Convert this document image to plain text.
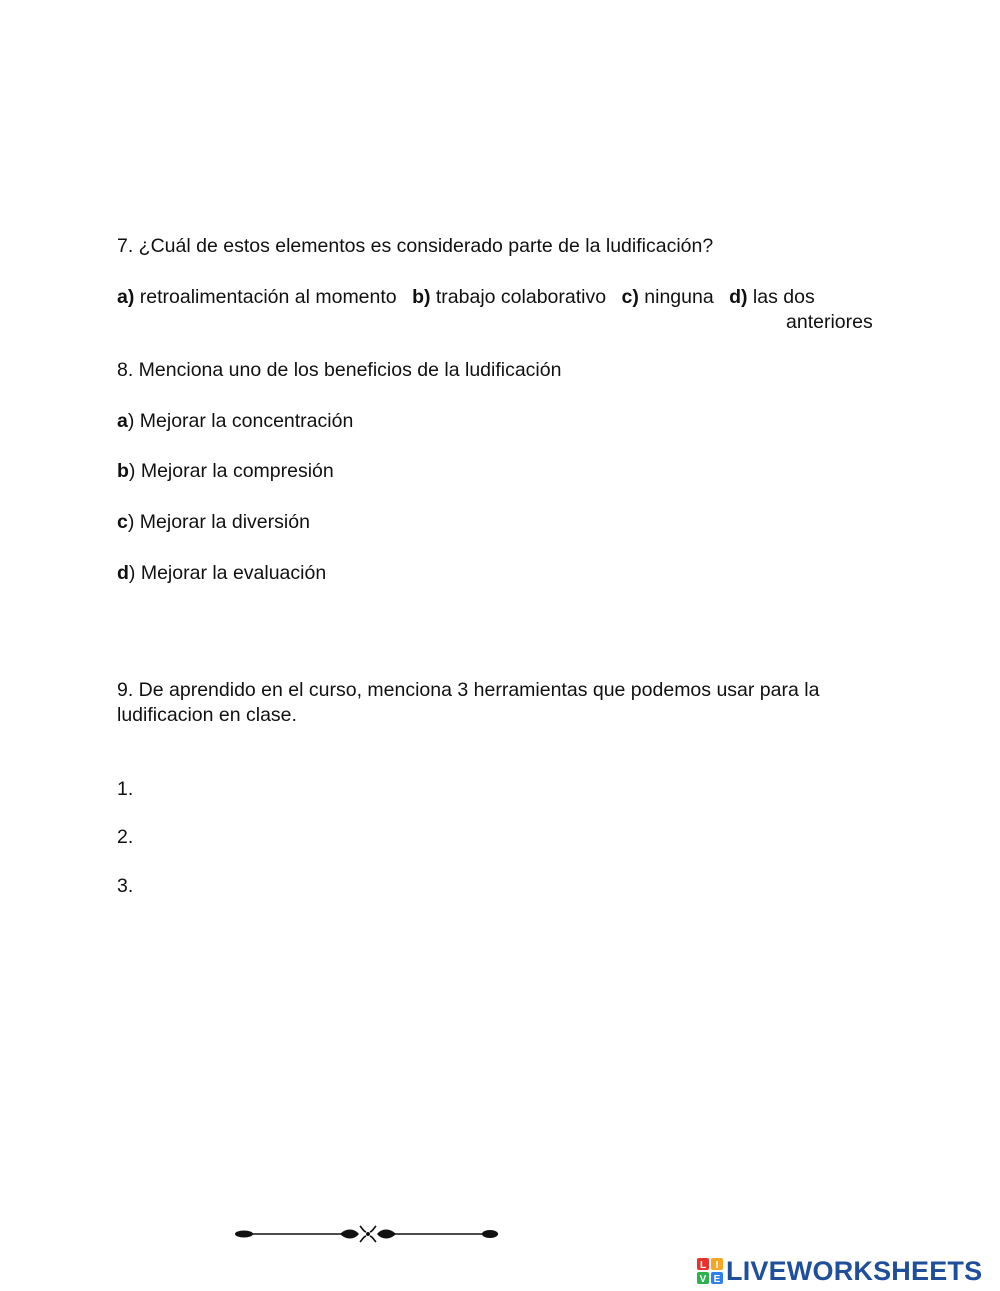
7. ¿Cuál de estos elementos es considerado parte de la ludificación?
a) retroalimentación al momento b) trabajo colaborativo c) ninguna d) las dos
anteriores
8. Menciona uno de los beneficios de la ludificación
a) Mejorar la concentración
b) Mejorar la compresión
c) Mejorar la diversión
d) Mejorar la evaluación
9. De aprendido en el curso, menciona 3 herramientas que podemos usar para la ludificacion en clase.
1.
2.
3.
L I
V E LIVEWORKSHEETS
